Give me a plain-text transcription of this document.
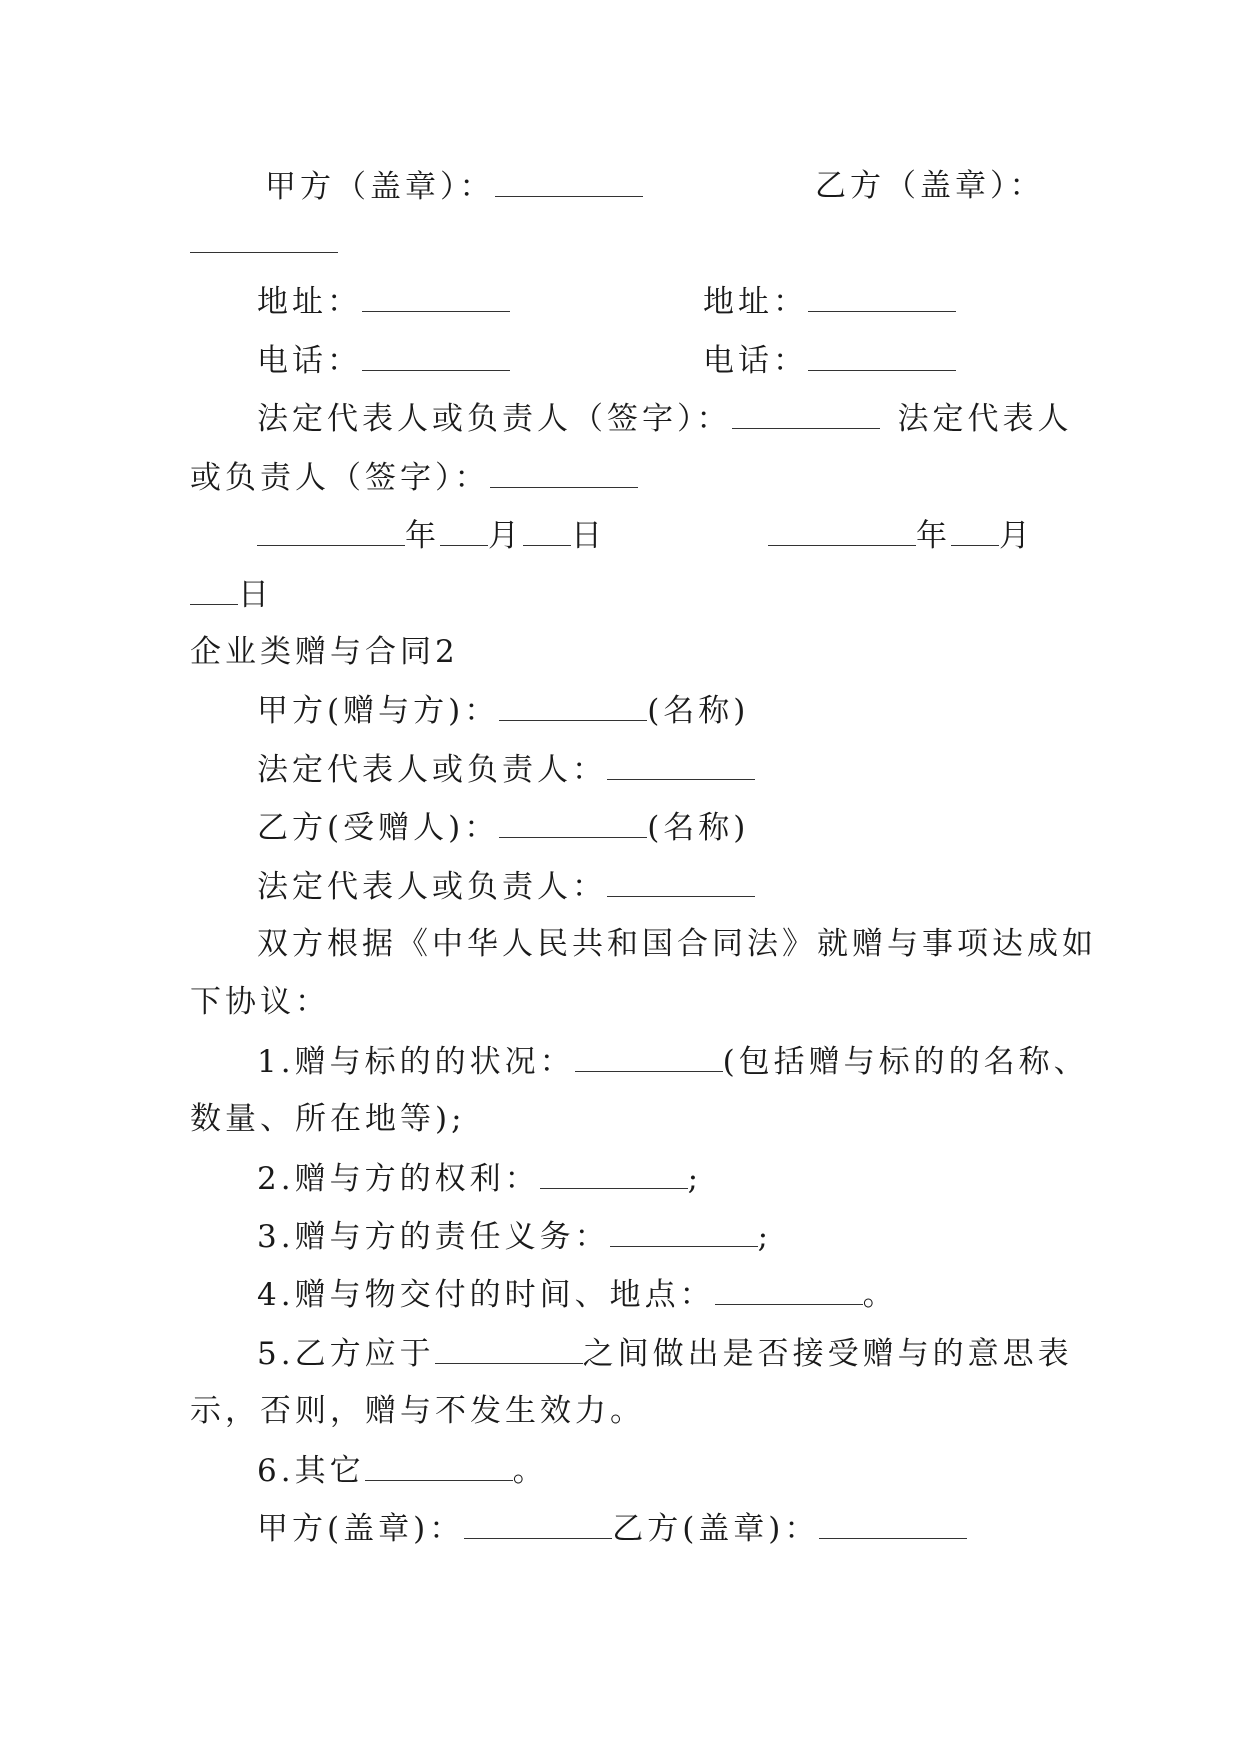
甲方（盖章）：	乙方（盖章）：
地址：	地址：
电话：	电话：
法定代表人或负责人（签字）：	法定代表人
或负责人（签字）：
年 月 日	年 月
日
企业类赠与合同2
甲方(赠与方)：	(名称)
法定代表人或负责人：
乙方(受赠人)：	(名称)
法定代表人或负责人：
双方根据《中华人民共和国合同法》就赠与事项达成如
下协议：
1.赠与标的的状况：	(包括赠与标的的名称、
数量、所在地等);
2.赠与方的权利：	;
3.赠与方的责任义务：	;
4.赠与物交付的时间、地点：	。
5.乙方应于	之间做出是否接受赠与的意思表
示，否则，赠与不发生效力。
6.其它	。
甲方(盖章)：	乙方(盖章)：
